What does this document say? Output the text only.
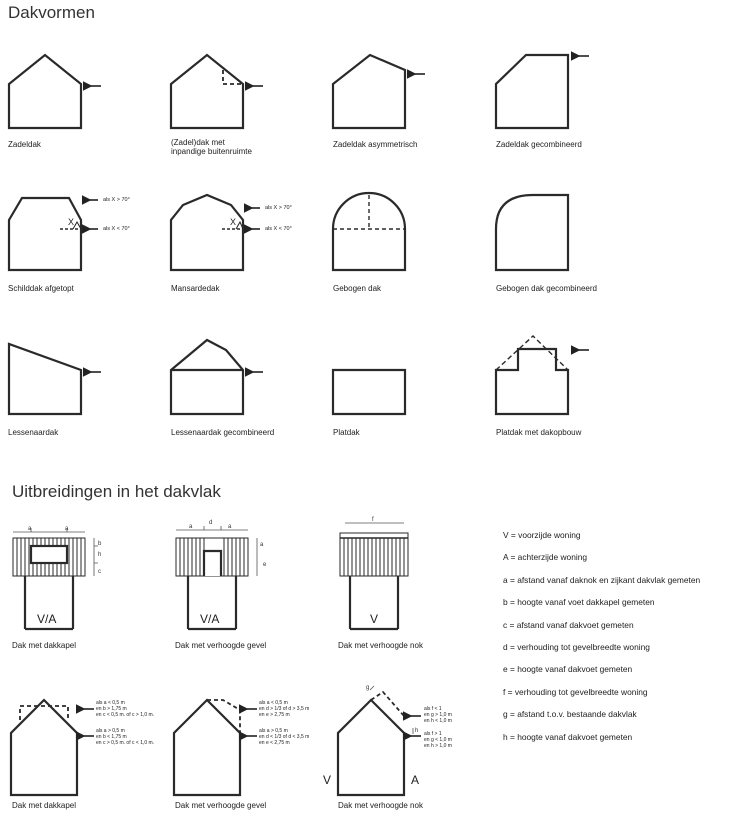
Dakvormen
Uitbreidingen in het dakvlak
X	X
a	a
b
h
c
a
d
a
a
e
f
g
h
V/A	V/A	V
V	A
als X > 70°
als X < 70°
als X > 70°
als X < 70°
Zadeldak	(Zadel)dak met
inpandige buitenruimte
Zadeldak asymmetrisch	Zadeldak gecombineerd
Schilddak afgetopt	Mansardedak	Gebogen dak	Gebogen dak gecombineerd
Lessenaardak	Lessenaardak gecombineerd	Platdak	Platdak met dakopbouw
Dak met dakkapel	Dak met verhoogde gevel	Dak met verhoogde nok
Dak met dakkapel	Dak met verhoogde gevel	Dak met verhoogde nok
als a < 0,5 m
en b > 1,75 m
en c < 0,5 m. of c > 1,0 m.
als a > 0,5 m
en b < 1,75 m
en c > 0,5 m. of c < 1,0 m.
als a < 0,5 m
en d > 1/3 of d > 3,5 m
en e > 2,75 m
als a > 0,5 m
en d < 1/3 of d < 3,5 m
en e < 2,75 m
als f < 1
en g > 1,0 m
en h < 1,0 m
als f > 1
en g < 1,0 m
en h > 1,0 m
V = voorzijde woning
A = achterzijde woning
a = afstand vanaf daknok en zijkant dakvlak gemeten
b = hoogte vanaf voet dakkapel gemeten
c = afstand vanaf dakvoet gemeten
d = verhouding tot gevelbreedte woning
e = hoogte vanaf dakvoet gemeten
f = verhouding tot gevelbreedte woning
g = afstand t.o.v. bestaande dakvlak
h = hoogte vanaf dakvoet gemeten
